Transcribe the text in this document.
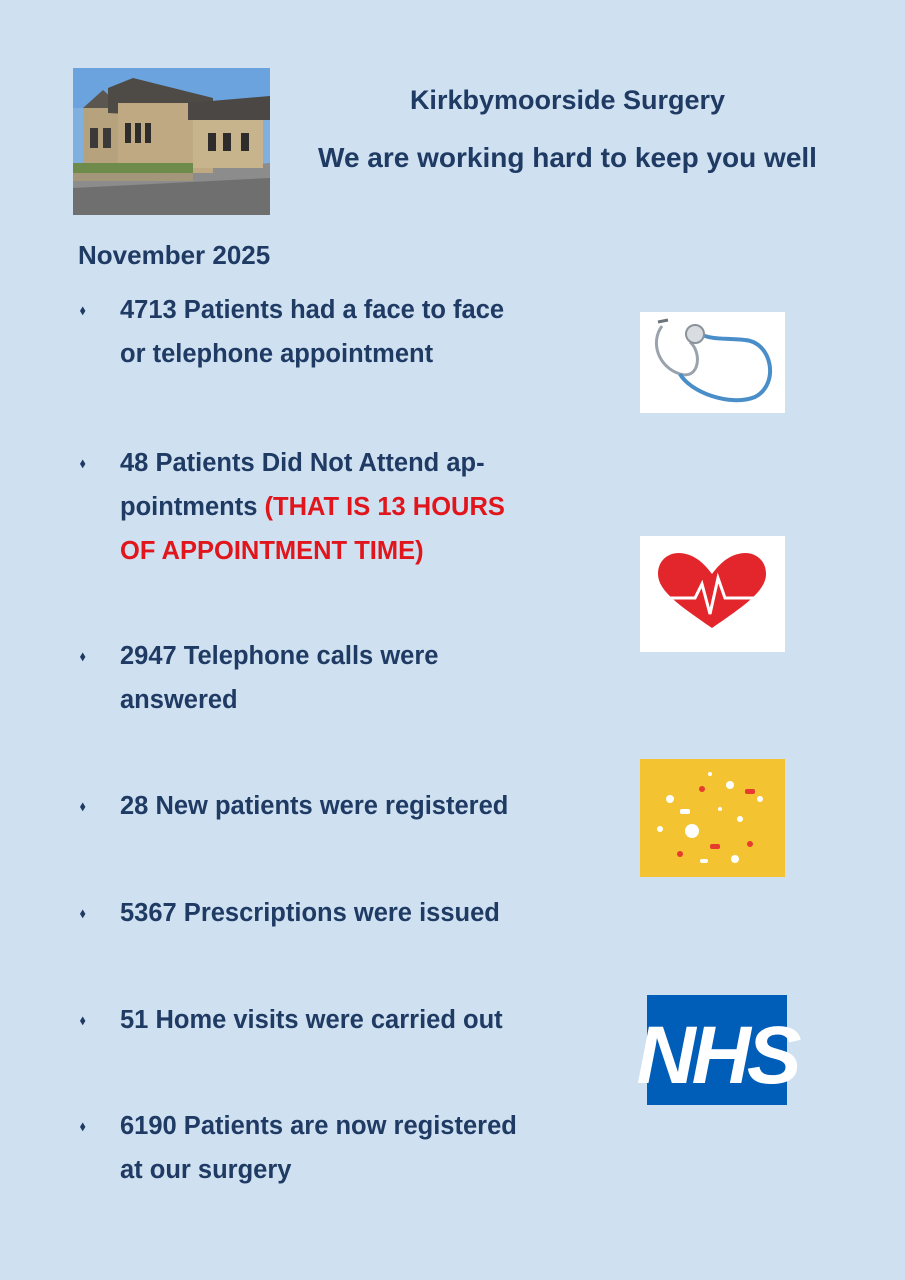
Kirkbymoorside Surgery
We are working hard to keep you well
November 2025
⬧ 4713 Patients had a face to face
or telephone appointment
⬧ 48 Patients Did Not Attend ap-
pointments (THAT IS 13 HOURS
OF APPOINTMENT TIME)
⬧ 2947 Telephone calls were
answered
⬧ 28 New patients were registered
⬧ 5367 Prescriptions were issued
⬧ 51 Home visits were carried out
⬧ 6190 Patients are now registered
at our surgery
NHS
